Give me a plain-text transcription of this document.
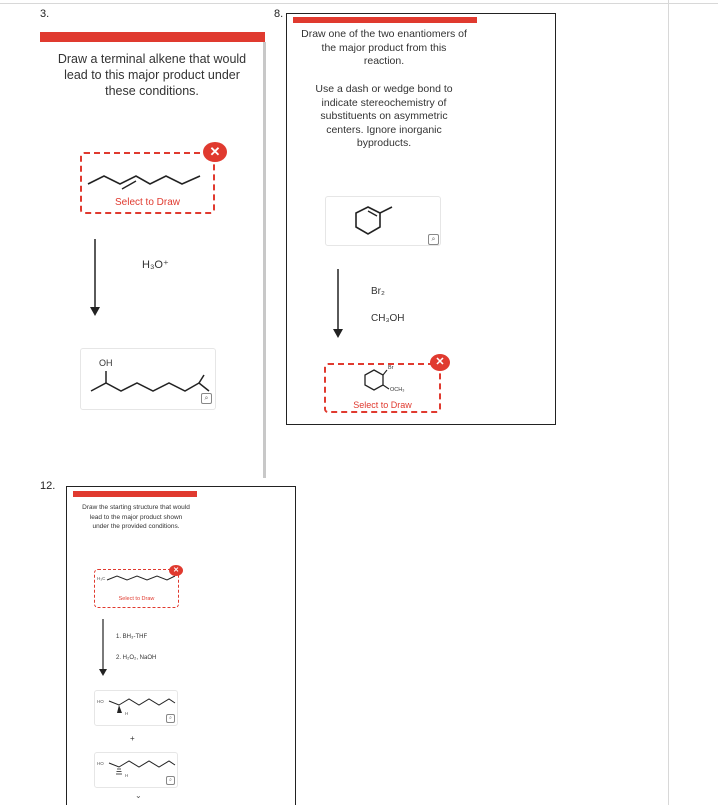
3.
Draw a terminal alkene that would lead to this major product under these conditions.
Select to Draw
✕
H₃O⁺
OH
⌕
8.
Draw one of the two enantiomers of the major product from this reaction.
Use a dash or wedge bond to indicate stereochemistry of substituents on asymmetric centers. Ignore inorganic byproducts.
⌕
Br₂
CH₃OH
Br
OCH₃
Select to Draw
✕
12.
Draw the starting structure that would lead to the major product shown under the provided conditions.
H₃C
Select to Draw
✕
1. BH₃-THF
2. H₂O₂, NaOH
HO
H
⌕
+
HO
H
⌕
⌄
